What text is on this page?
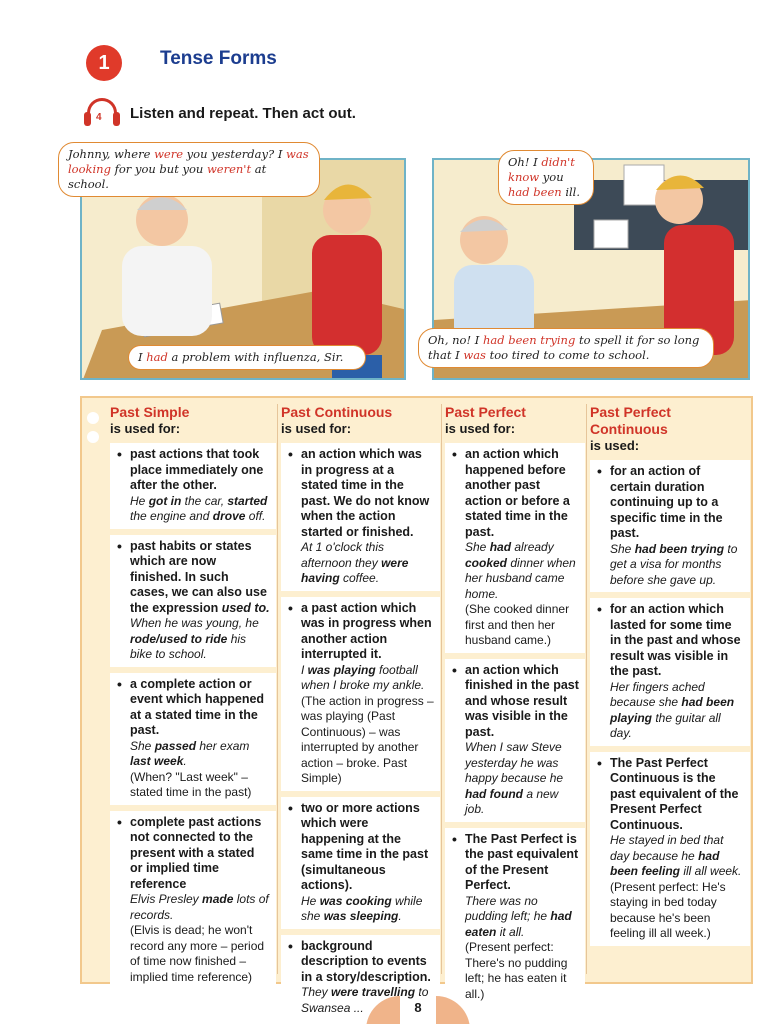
1	Tense Forms
4 Listen and repeat. Then act out.
Johnny, where were you yesterday? I was looking for you but you weren't at school.
I had a problem with influenza, Sir.
Oh! I didn't know you had been ill.
Oh, no! I had been trying to spell it for so long that I was too tired to come to school.
Past Simple
is used for:
• past actions that took place immediately one after the other.
He got in the car, started the engine and drove off.
• past habits or states which are now finished. In such cases, we can also use the expression used to.
When he was young, he rode/used to ride his bike to school.
• a complete action or event which happened at a stated time in the past.
She passed her exam last week.
(When? "Last week" – stated time in the past)
• complete past actions not connected to the present with a stated or implied time reference
Elvis Presley made lots of records.
(Elvis is dead; he won't record any more – period of time now finished – implied time reference)
Past Continuous
is used for:
• an action which was in progress at a stated time in the past. We do not know when the action started or finished.
At 1 o'clock this afternoon they were having coffee.
• a past action which was in progress when another action interrupted it.
I was playing football when I broke my ankle.
(The action in progress – was playing (Past Continuous) – was interrupted by another action – broke. Past Simple)
• two or more actions which were happening at the same time in the past (simultaneous actions).
He was cooking while she was sleeping.
• background description to events in a story/description.
They were travelling to Swansea ...
Past Perfect
is used for:
• an action which happened before another past action or before a stated time in the past.
She had already cooked dinner when her husband came home.
(She cooked dinner first and then her husband came.)
• an action which finished in the past and whose result was visible in the past.
When I saw Steve yesterday he was happy because he had found a new job.
• The Past Perfect is the past equivalent of the Present Perfect.
There was no pudding left; he had eaten it all.
(Present perfect: There's no pudding left; he has eaten it all.)
Past Perfect Continuous
is used:
• for an action of certain duration continuing up to a specific time in the past.
She had been trying to get a visa for months before she gave up.
• for an action which lasted for some time in the past and whose result was visible in the past.
Her fingers ached because she had been playing the guitar all day.
• The Past Perfect Continuous is the past equivalent of the Present Perfect Continuous.
He stayed in bed that day because he had been feeling ill all week.
(Present perfect: He's staying in bed today because he's been feeling ill all week.)
8
